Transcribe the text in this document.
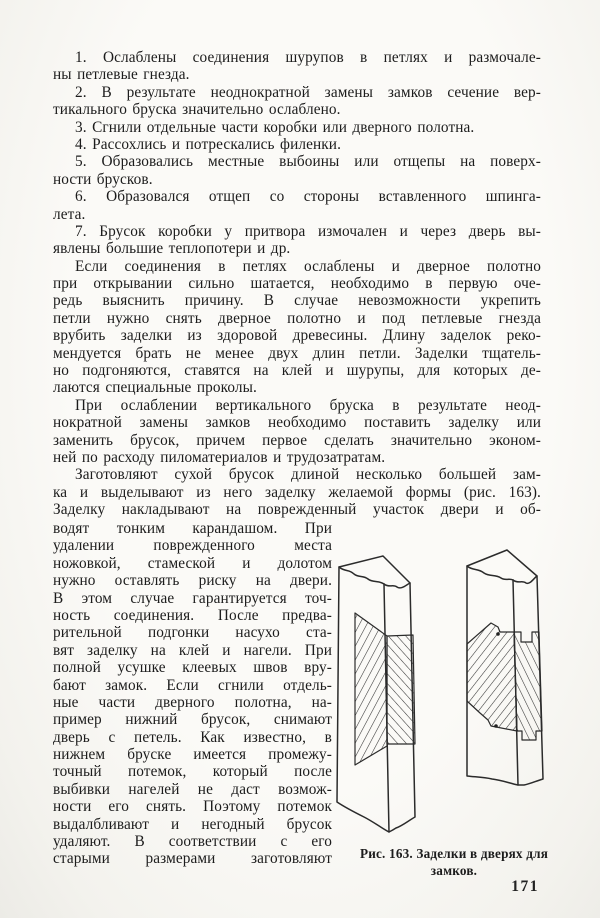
1. Ослаблены соединения шурупов в петлях и размочале-
ны петлевые гнезда.
2. В результате неоднократной замены замков сечение вер-
тикального бруска значительно ослаблено.
3. Сгнили отдельные части коробки или дверного полотна.
4. Рассохлись и потрескались филенки.
5. Образовались местные выбоины или отщепы на поверх-
ности брусков.
6. Образовался отщеп со стороны вставленного шпинга-
лета.
7. Брусок коробки у притвора измочален и через дверь вы-
явлены большие теплопотери и др.
Если соединения в петлях ослаблены и дверное полотно
при открывании сильно шатается, необходимо в первую оче-
редь выяснить причину. В случае невозможности укрепить
петли нужно снять дверное полотно и под петлевые гнезда
врубить заделки из здоровой древесины. Длину заделок реко-
мендуется брать не менее двух длин петли. Заделки тщатель-
но подгоняются, ставятся на клей и шурупы, для которых де-
лаются специальные проколы.
При ослаблении вертикального бруска в результате неод-
нократной замены замков необходимо поставить заделку или
заменить брусок, причем первое сделать значительно эконом-
ней по расходу пиломатериалов и трудозатратам.
Заготовляют сухой брусок длиной несколько большей зам-
ка и выделывают из него заделку желаемой формы (рис. 163).
Заделку накладывают на поврежденный участок двери и об-
водят тонким карандашом. При
удалении поврежденного места
ножовкой, стамеской и долотом
нужно оставлять риску на двери.
В этом случае гарантируется точ-
ность соединения. После предва-
рительной подгонки насухо ста-
вят заделку на клей и нагели. При
полной усушке клеевых швов вру-
бают замок. Если сгнили отдель-
ные части дверного полотна, на-
пример нижний брусок, снимают
дверь с петель. Как известно, в
нижнем бруске имеется промежу-
точный потемок, который после
выбивки нагелей не даст возмож-
ности его снять. Поэтому потемок
выдалбливают и негодный брусок
удаляют. В соответствии с его
старыми размерами заготовляют	Рис. 163. Заделки в дверях для
замков.
171
